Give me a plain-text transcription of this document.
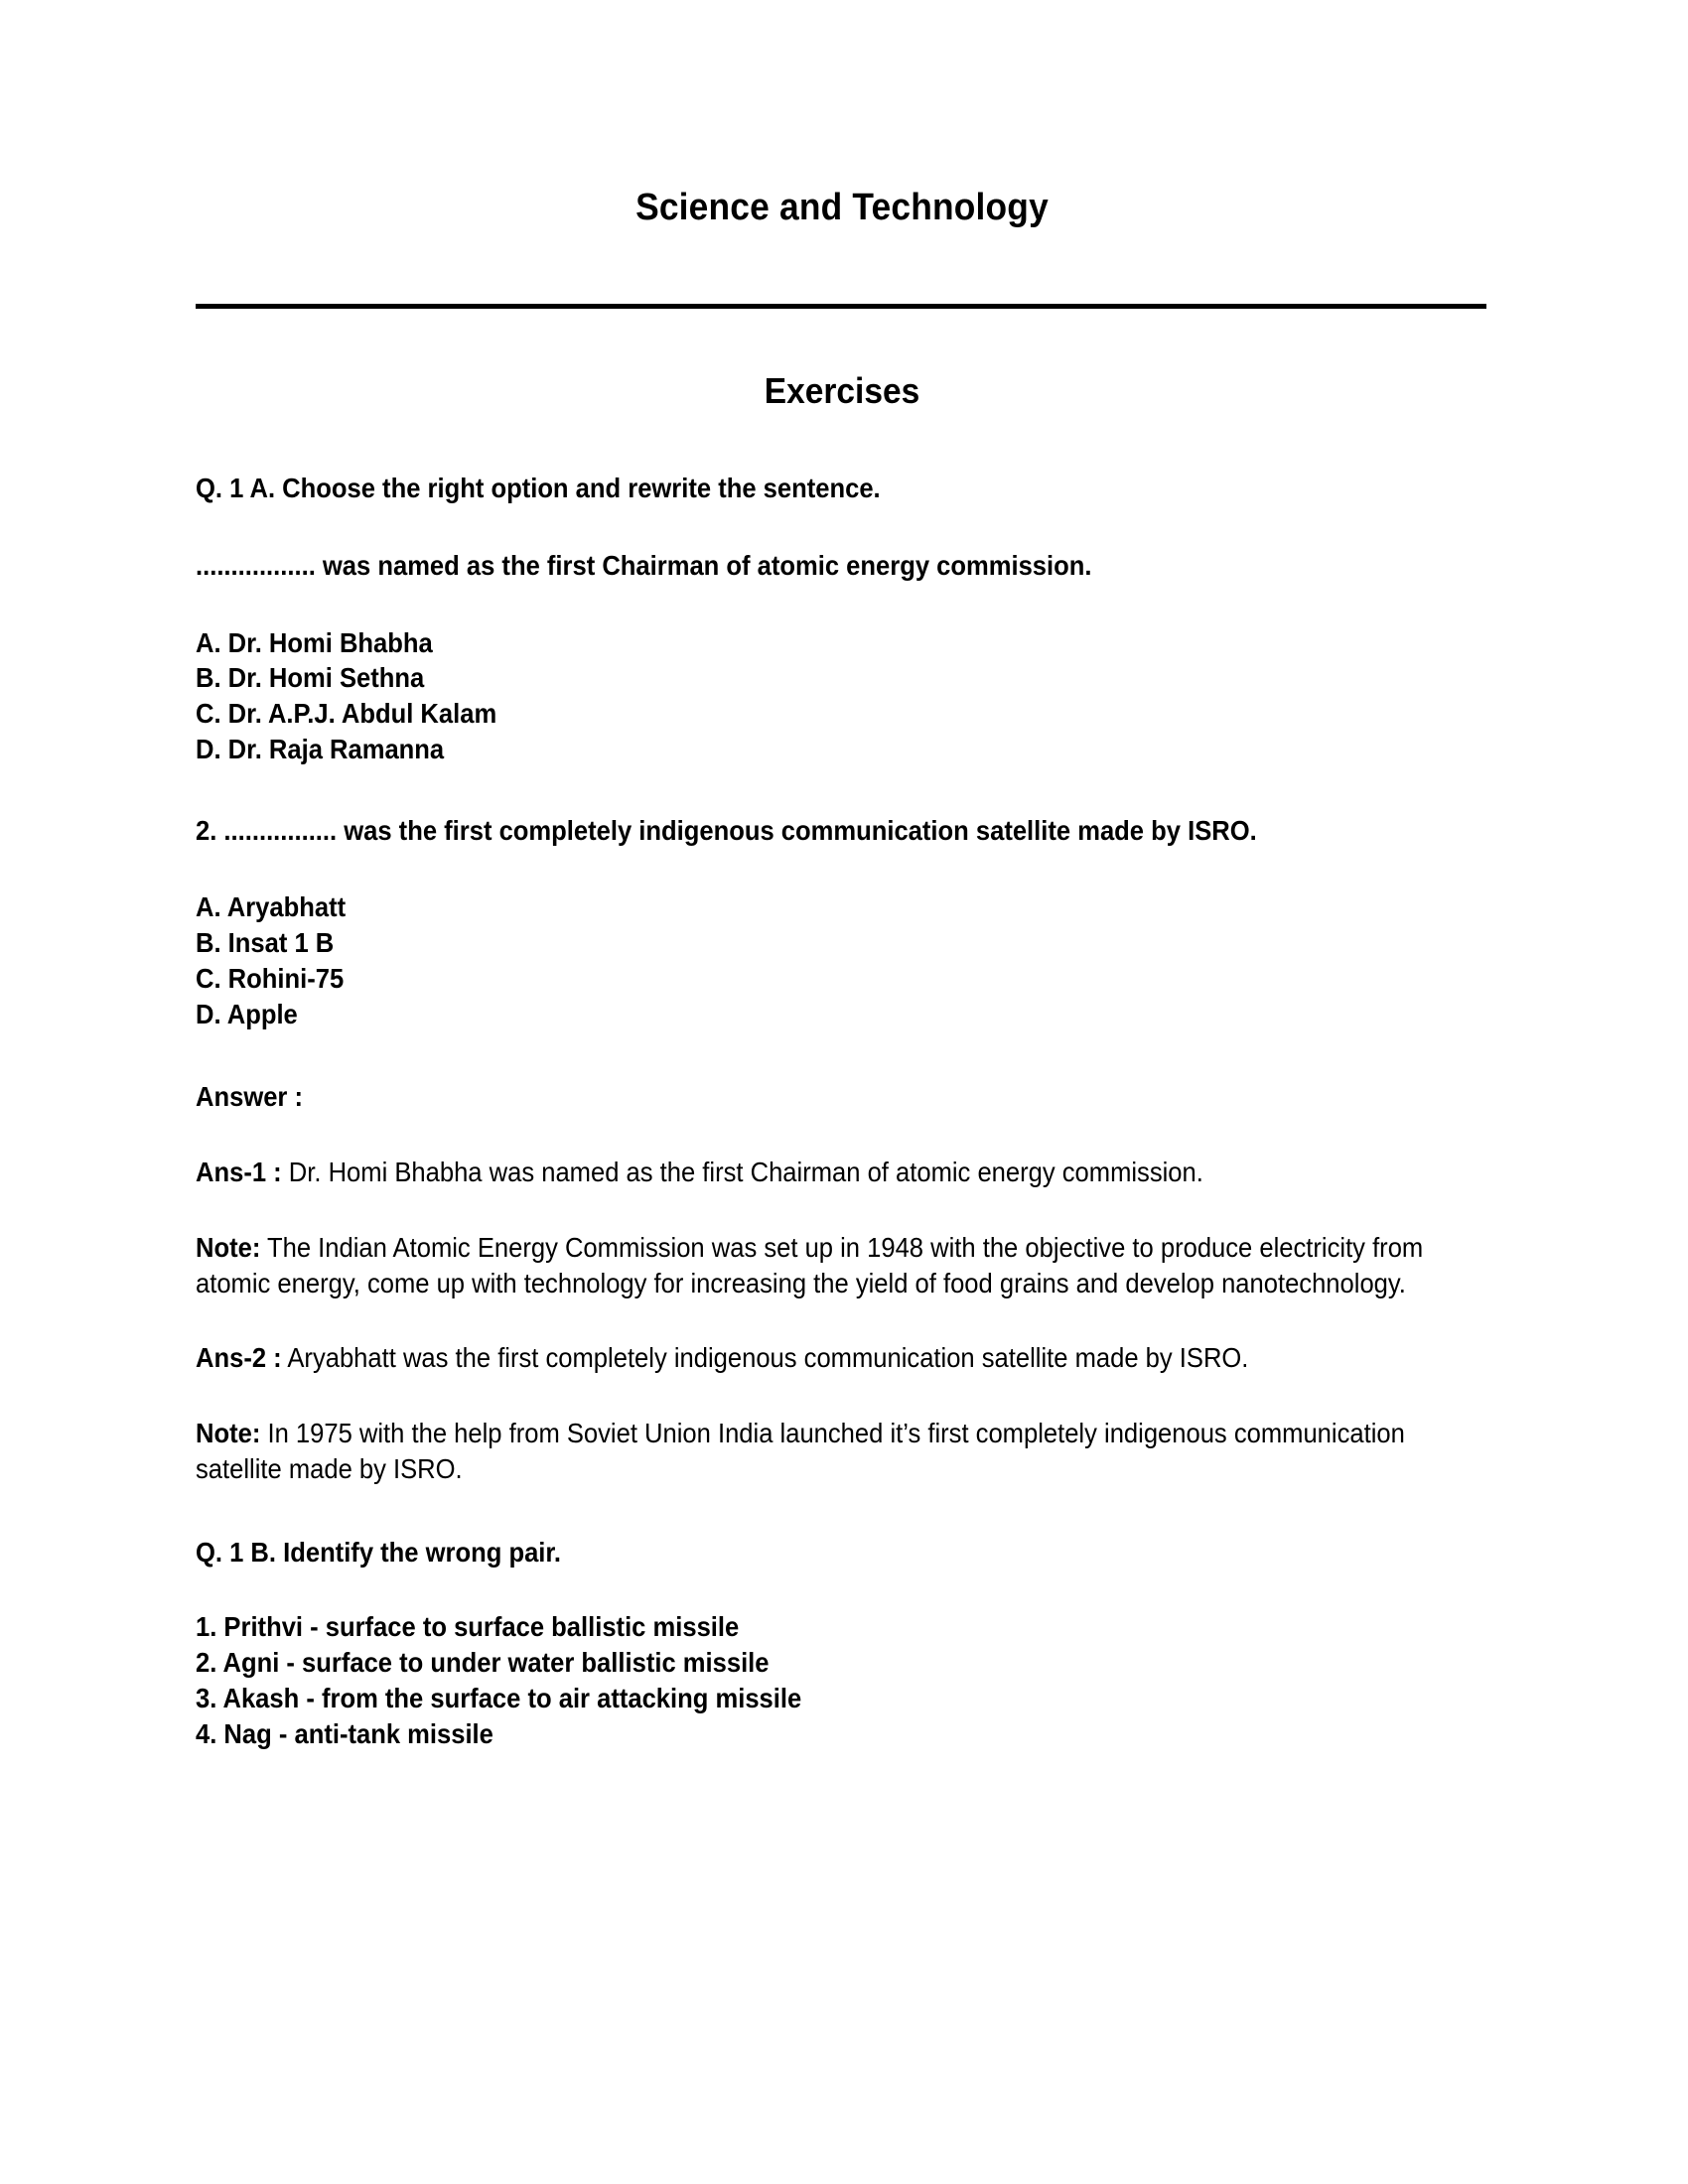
Science and Technology
Exercises
Q. 1 A. Choose the right option and rewrite the sentence.
................. was named as the first Chairman of atomic energy commission.
A. Dr. Homi Bhabha
B. Dr. Homi Sethna
C. Dr. A.P.J. Abdul Kalam
D. Dr. Raja Ramanna
2. ................ was the first completely indigenous communication satellite made by ISRO.
A. Aryabhatt
B. Insat 1 B
C. Rohini-75
D. Apple
Answer :
Ans-1 : Dr. Homi Bhabha was named as the first Chairman of atomic energy commission.
Note: The Indian Atomic Energy Commission was set up in 1948 with the objective to produce electricity from atomic energy, come up with technology for increasing the yield of food grains and develop nanotechnology.
Ans-2 : Aryabhatt was the first completely indigenous communication satellite made by ISRO.
Note: In 1975 with the help from Soviet Union India launched it’s first completely indigenous communication satellite made by ISRO.
Q. 1 B. Identify the wrong pair.
1. Prithvi - surface to surface ballistic missile
2. Agni - surface to under water ballistic missile
3. Akash - from the surface to air attacking missile
4. Nag - anti-tank missile
